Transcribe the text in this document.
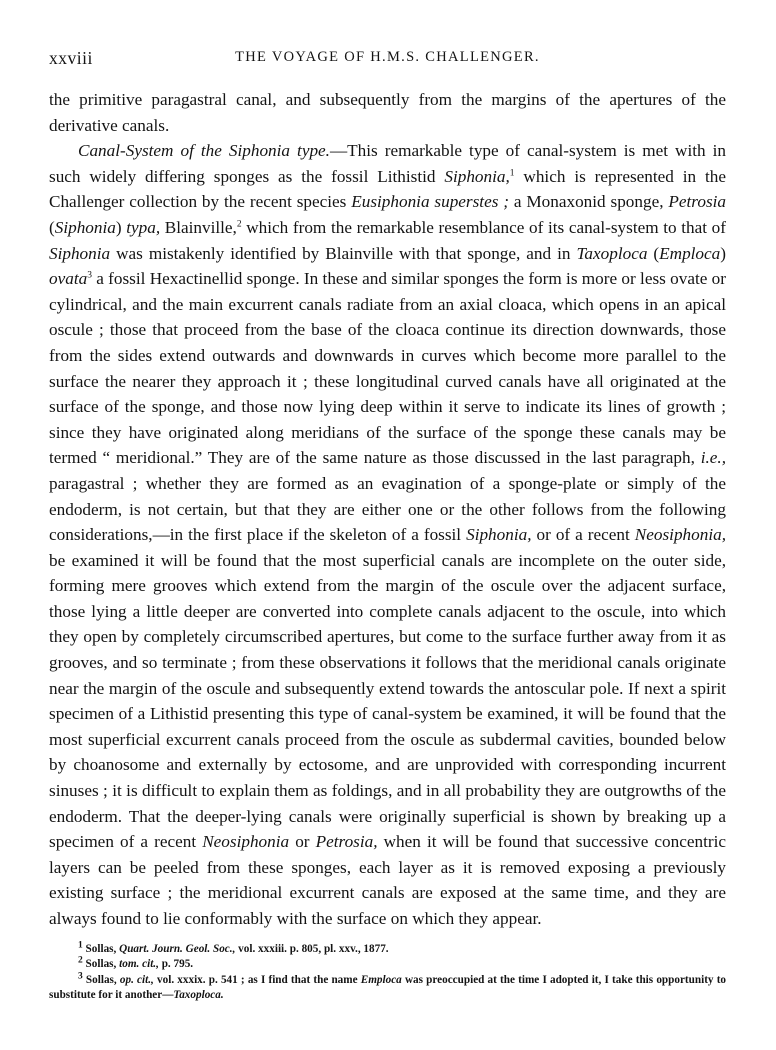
xxviii	THE VOYAGE OF H.M.S. CHALLENGER.

the primitive paragastral canal, and subsequently from the margins of the apertures of the derivative canals.

Canal-System of the Siphonia type.—This remarkable type of canal-system is met with in such widely differing sponges as the fossil Lithistid Siphonia,$^1$ which is represented in the Challenger collection by the recent species Eusiphonia superstes ; a Monaxonid sponge, Petrosia (Siphonia) typa, Blainville,$^2$ which from the remarkable resemblance of its canal-system to that of Siphonia was mistakenly identified by Blainville with that sponge, and in Taxoploca (Emploca) ovata$^3$ a fossil Hexactinellid sponge. In these and similar sponges the form is more or less ovate or cylindrical, and the main excurrent canals radiate from an axial cloaca, which opens in an apical oscule ; those that proceed from the base of the cloaca continue its direction downwards, those from the sides extend outwards and downwards in curves which become more parallel to the surface the nearer they approach it ; these longitudinal curved canals have all originated at the surface of the sponge, and those now lying deep within it serve to indicate its lines of growth ; since they have originated along meridians of the surface of the sponge these canals may be termed “ meridional.” They are of the same nature as those discussed in the last paragraph, i.e., paragastral ; whether they are formed as an evagination of a sponge-plate or simply of the endoderm, is not certain, but that they are either one or the other follows from the following considerations,—in the first place if the skeleton of a fossil Siphonia, or of a recent Neosiphonia, be examined it will be found that the most superficial canals are incomplete on the outer side, forming mere grooves which extend from the margin of the oscule over the adjacent surface, those lying a little deeper are converted into complete canals adjacent to the oscule, into which they open by completely circumscribed apertures, but come to the surface further away from it as grooves, and so terminate ; from these observations it follows that the meridional canals originate near the margin of the oscule and subsequently extend towards the antoscular pole. If next a spirit specimen of a Lithistid presenting this type of canal-system be examined, it will be found that the most superficial excurrent canals proceed from the oscule as subdermal cavities, bounded below by choanosome and externally by ectosome, and are unprovided with corresponding incurrent sinuses ; it is difficult to explain them as foldings, and in all probability they are outgrowths of the endoderm. That the deeper-lying canals were originally superficial is shown by breaking up a specimen of a recent Neosiphonia or Petrosia, when it will be found that successive concentric layers can be peeled from these sponges, each layer as it is removed exposing a previously existing surface ; the meridional excurrent canals are exposed at the same time, and they are always found to lie conformably with the surface on which they appear.

$^1$ Sollas, Quart. Journ. Geol. Soc., vol. xxxiii. p. 805, pl. xxv., 1877.

$^2$ Sollas, tom. cit., p. 795.

$^3$ Sollas, op. cit., vol. xxxix. p. 541 ; as I find that the name Emploca was preoccupied at the time I adopted it, I take this opportunity to substitute for it another—Taxoploca.
